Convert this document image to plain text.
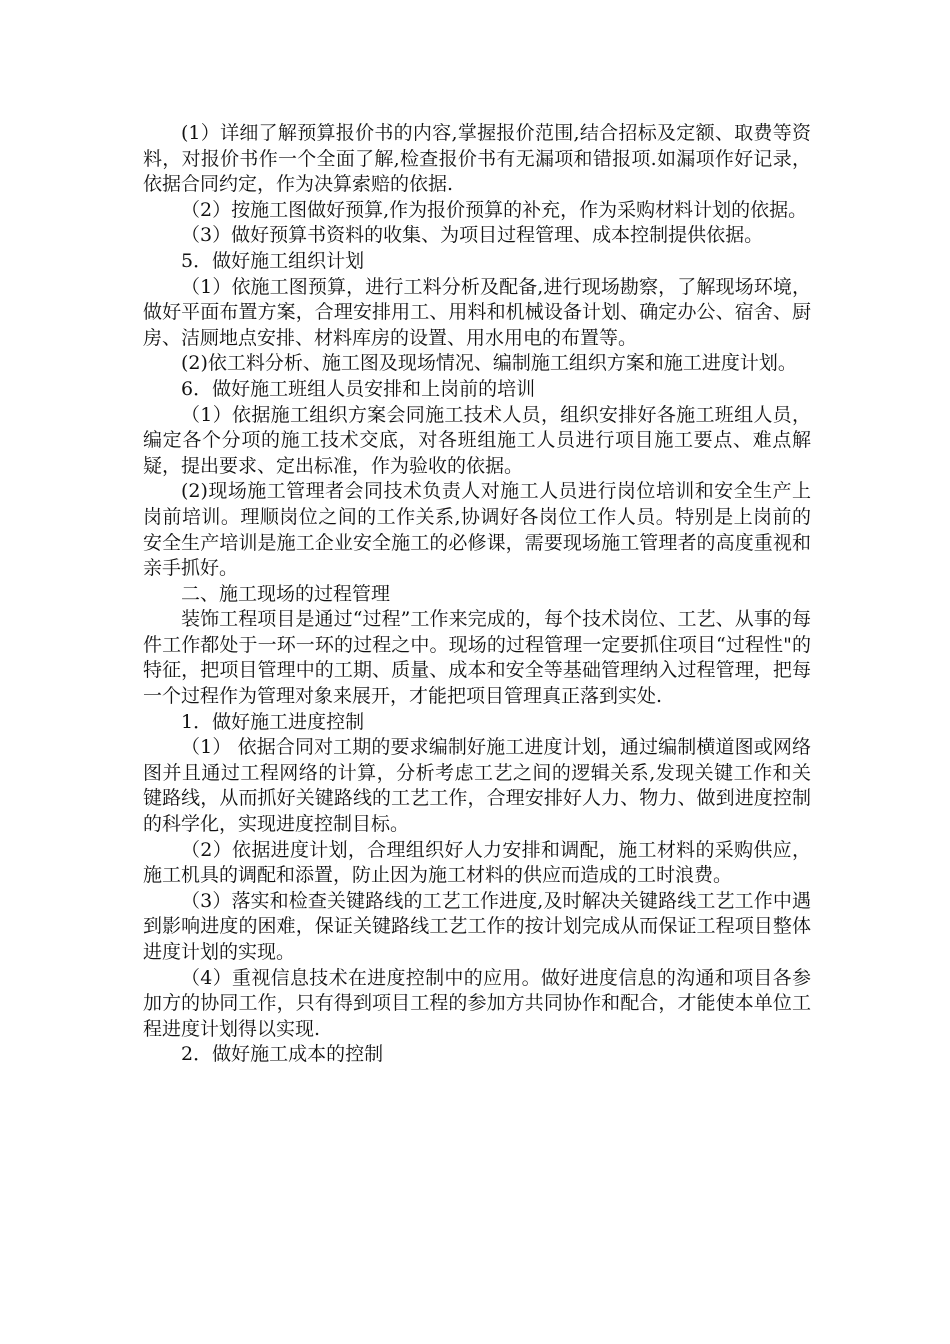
(1）详细了解预算报价书的内容,掌握报价范围,结合招标及定额、取费等资料，对报价书作一个全面了解,检查报价书有无漏项和错报项.如漏项作好记录，依据合同约定，作为决算索赔的依据.

（2）按施工图做好预算,作为报价预算的补充，作为采购材料计划的依据。

（3）做好预算书资料的收集、为项目过程管理、成本控制提供依据。

5．做好施工组织计划

（1）依施工图预算，进行工料分析及配备,进行现场勘察，了解现场环境，做好平面布置方案，合理安排用工、用料和机械设备计划、确定办公、宿舍、厨房、洁厕地点安排、材料库房的设置、用水用电的布置等。

(2)依工料分析、施工图及现场情况、编制施工组织方案和施工进度计划。

6．做好施工班组人员安排和上岗前的培训

（1）依据施工组织方案会同施工技术人员，组织安排好各施工班组人员，编定各个分项的施工技术交底，对各班组施工人员进行项目施工要点、难点解疑，提出要求、定出标准，作为验收的依据。

(2)现场施工管理者会同技术负责人对施工人员进行岗位培训和安全生产上岗前培训。理顺岗位之间的工作关系,协调好各岗位工作人员。特别是上岗前的安全生产培训是施工企业安全施工的必修课，需要现场施工管理者的高度重视和亲手抓好。

二、施工现场的过程管理

装饰工程项目是通过“过程”工作来完成的，每个技术岗位、工艺、从事的每件工作都处于一环一环的过程之中。现场的过程管理一定要抓住项目“过程性"的特征，把项目管理中的工期、质量、成本和安全等基础管理纳入过程管理，把每一个过程作为管理对象来展开，才能把项目管理真正落到实处.

1．做好施工进度控制

（1） 依据合同对工期的要求编制好施工进度计划，通过编制横道图或网络图并且通过工程网络的计算，分析考虑工艺之间的逻辑关系,发现关键工作和关键路线，从而抓好关键路线的工艺工作，合理安排好人力、物力、做到进度控制的科学化，实现进度控制目标。

（2）依据进度计划，合理组织好人力安排和调配，施工材料的采购供应，施工机具的调配和添置，防止因为施工材料的供应而造成的工时浪费。

（3）落实和检查关键路线的工艺工作进度,及时解决关键路线工艺工作中遇到影响进度的困难，保证关键路线工艺工作的按计划完成从而保证工程项目整体进度计划的实现。

（4）重视信息技术在进度控制中的应用。做好进度信息的沟通和项目各参加方的协同工作，只有得到项目工程的参加方共同协作和配合，才能使本单位工程进度计划得以实现.

2．做好施工成本的控制
